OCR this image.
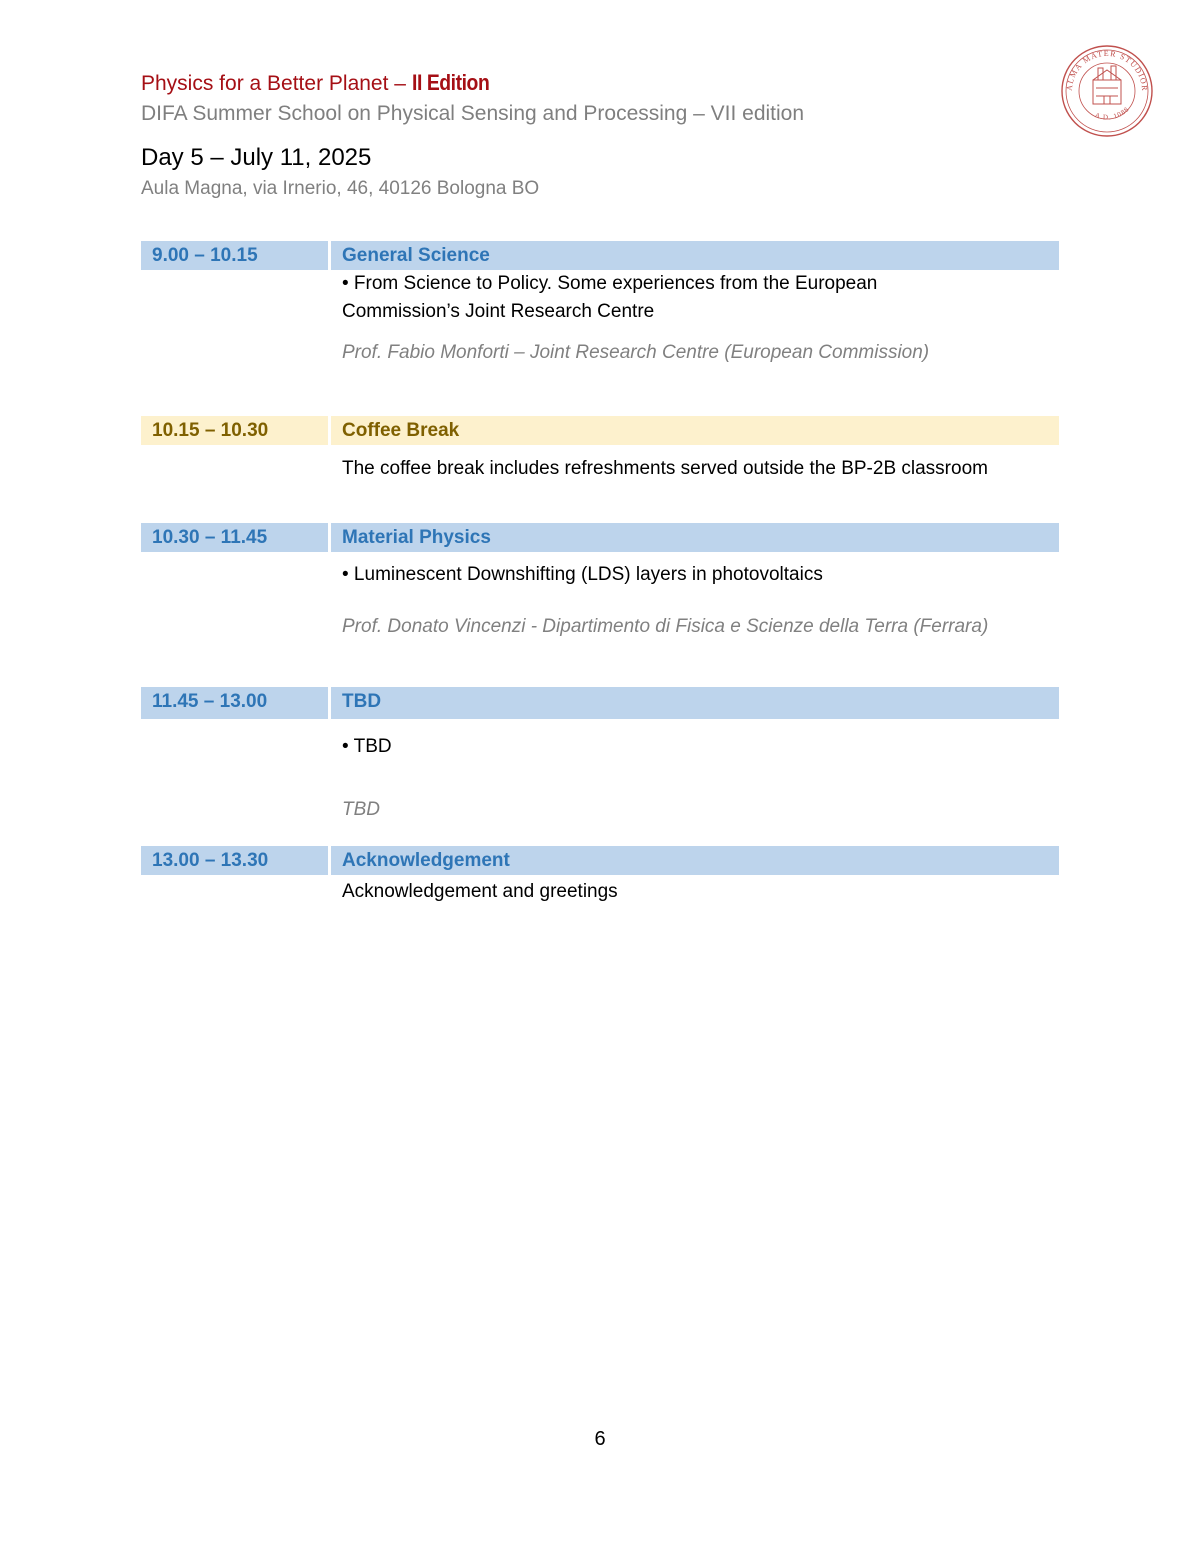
Physics for a Better Planet – II Edition
DIFA Summer School on Physical Sensing and Processing – VII edition
Day 5 – July 11, 2025
Aula Magna, via Irnerio, 46, 40126 Bologna BO
ALMA MATER STUDIOR
A.D. 1088
9.00 – 10.15	General Science
• From Science to Policy. Some experiences from the European Commission’s Joint Research Centre
Prof. Fabio Monforti – Joint Research Centre (European Commission)
10.15 – 10.30	Coffee Break
The coffee break includes refreshments served outside the BP-2B classroom
10.30 – 11.45	Material Physics
• Luminescent Downshifting (LDS) layers in photovoltaics
Prof. Donato Vincenzi - Dipartimento di Fisica e Scienze della Terra (Ferrara)
11.45 – 13.00	TBD
• TBD
TBD
13.00 – 13.30	Acknowledgement
Acknowledgement and greetings
6
